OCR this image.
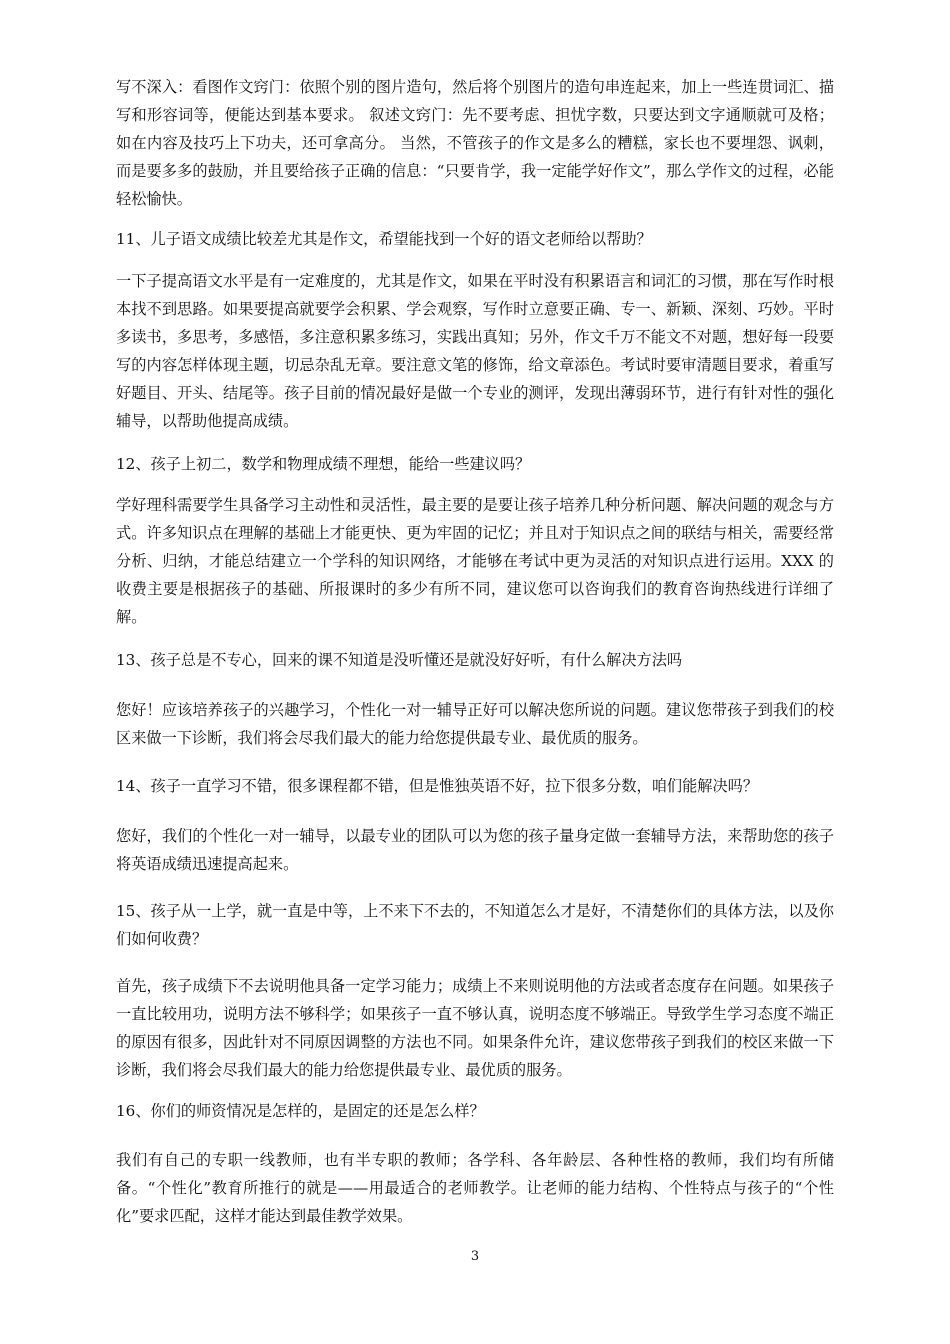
写不深入：看图作文窍门：依照个别的图片造句，然后将个别图片的造句串连起来，加上一些连贯词汇、描写和形容词等，便能达到基本要求。 叙述文窍门：先不要考虑、担忧字数，只要达到文字通顺就可及格；如在内容及技巧上下功夫，还可拿高分。 当然，不管孩子的作文是多么的糟糕，家长也不要埋怨、讽刺，而是要多多的鼓励，并且要给孩子正确的信息：“只要肯学，我一定能学好作文”，那么学作文的过程，必能轻松愉快。

11、儿子语文成绩比较差尤其是作文，希望能找到一个好的语文老师给以帮助？

一下子提高语文水平是有一定难度的，尤其是作文，如果在平时没有积累语言和词汇的习惯，那在写作时根本找不到思路。如果要提高就要学会积累、学会观察，写作时立意要正确、专一、新颖、深刻、巧妙。平时多读书，多思考，多感悟，多注意积累多练习，实践出真知；另外，作文千万不能文不对题，想好每一段要写的内容怎样体现主题，切忌杂乱无章。要注意文笔的修饰，给文章添色。考试时要审清题目要求，着重写好题目、开头、结尾等。孩子目前的情况最好是做一个专业的测评，发现出薄弱环节，进行有针对性的强化辅导，以帮助他提高成绩。

12、孩子上初二，数学和物理成绩不理想，能给一些建议吗？

学好理科需要学生具备学习主动性和灵活性，最主要的是要让孩子培养几种分析问题、解决问题的观念与方式。许多知识点在理解的基础上才能更快、更为牢固的记忆；并且对于知识点之间的联结与相关，需要经常分析、归纳，才能总结建立一个学科的知识网络，才能够在考试中更为灵活的对知识点进行运用。XXX 的收费主要是根据孩子的基础、所报课时的多少有所不同，建议您可以咨询我们的教育咨询热线进行详细了解。

13、孩子总是不专心，回来的课不知道是没听懂还是就没好好听，有什么解决方法吗

您好！应该培养孩子的兴趣学习，个性化一对一辅导正好可以解决您所说的问题。建议您带孩子到我们的校区来做一下诊断，我们将会尽我们最大的能力给您提供最专业、最优质的服务。

14、孩子一直学习不错，很多课程都不错，但是惟独英语不好，拉下很多分数，咱们能解决吗？

您好，我们的个性化一对一辅导，以最专业的团队可以为您的孩子量身定做一套辅导方法，来帮助您的孩子将英语成绩迅速提高起来。

15、孩子从一上学，就一直是中等，上不来下不去的，不知道怎么才是好，不清楚你们的具体方法，以及你们如何收费？

首先，孩子成绩下不去说明他具备一定学习能力；成绩上不来则说明他的方法或者态度存在问题。如果孩子一直比较用功，说明方法不够科学；如果孩子一直不够认真，说明态度不够端正。导致学生学习态度不端正的原因有很多，因此针对不同原因调整的方法也不同。如果条件允许，建议您带孩子到我们的校区来做一下诊断，我们将会尽我们最大的能力给您提供最专业、最优质的服务。

16、你们的师资情况是怎样的，是固定的还是怎么样？

我们有自己的专职一线教师，也有半专职的教师；各学科、各年龄层、各种性格的教师，我们均有所储备。“个性化”教育所推行的就是——用最适合的老师教学。让老师的能力结构、个性特点与孩子的“个性化”要求匹配，这样才能达到最佳教学效果。

3
